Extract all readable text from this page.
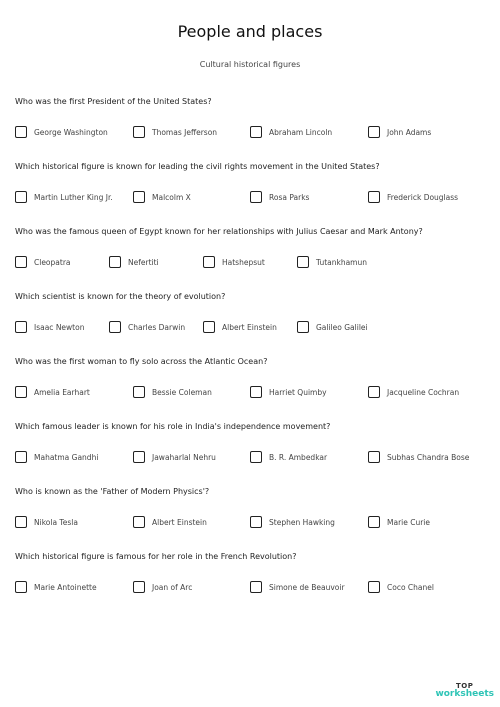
People and places
Cultural historical figures
Who was the first President of the United States?
George Washington	Thomas Jefferson	Abraham Lincoln	John Adams
Which historical figure is known for leading the civil rights movement in the United States?
Martin Luther King Jr.	Malcolm X	Rosa Parks	Frederick Douglass
Who was the famous queen of Egypt known for her relationships with Julius Caesar and Mark Antony?
Cleopatra	Nefertiti	Hatshepsut	Tutankhamun
Which scientist is known for the theory of evolution?
Isaac Newton	Charles Darwin	Albert Einstein	Galileo Galilei
Who was the first woman to fly solo across the Atlantic Ocean?
Amelia Earhart	Bessie Coleman	Harriet Quimby	Jacqueline Cochran
Which famous leader is known for his role in India's independence movement?
Mahatma Gandhi	Jawaharlal Nehru	B. R. Ambedkar	Subhas Chandra Bose
Who is known as the 'Father of Modern Physics'?
Nikola Tesla	Albert Einstein	Stephen Hawking	Marie Curie
Which historical figure is famous for her role in the French Revolution?
Marie Antoinette	Joan of Arc	Simone de Beauvoir	Coco Chanel
TOP
worksheets
